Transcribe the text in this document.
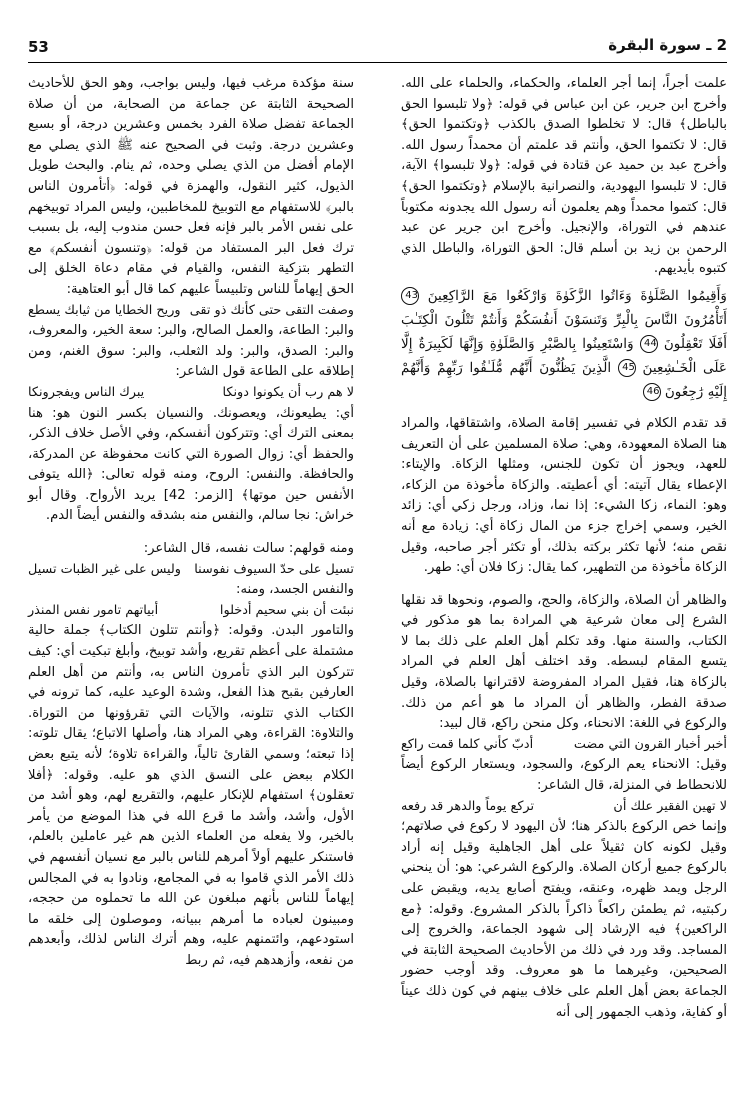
53	2 ـ سورة البقرة

علمت أجراً، إنما أجر العلماء، والحكماء، والحلماء على الله. وأخرج ابن جرير، عن ابن عباس في قوله: ﴿ولا تلبسوا الحق بالباطل﴾ قال: لا تخلطوا الصدق بالكذب ﴿وتكتموا الحق﴾ قال: لا تكتموا الحق، وأنتم قد علمتم أن محمداً رسول الله. وأخرج عبد بن حميد عن قتادة في قوله: ﴿ولا تلبسوا﴾ الآية، قال: لا تلبسوا اليهودية، والنصرانية بالإسلام ﴿وتكتموا الحق﴾ قال: كتموا محمداً وهم يعلمون أنه رسول الله يجدونه مكتوباً عندهم في التوراة، والإنجيل. وأخرج ابن جرير عن عبد الرحمن بن زيد بن أسلم قال: الحق التوراة، والباطل الذي كتبوه بأيديهم.

وَأَقِيمُوا الصَّلَوٰةَ وَءَاتُوا الزَّكَوٰةَ وَارْكَعُوا مَعَ الرَّاكِعِينَ 43 أَتَأْمُرُونَ النَّاسَ بِالْبِرِّ وَتَنسَوْنَ أَنفُسَكُمْ وَأَنتُمْ تَتْلُونَ الْكِتَـٰبَ أَفَلَا تَعْقِلُونَ 44 وَاسْتَعِينُوا بِالصَّبْرِ وَالصَّلَوٰةِ وَإِنَّهَا لَكَبِيرَةٌ إِلَّا عَلَى الْخَـٰشِعِينَ 45 الَّذِينَ يَظُنُّونَ أَنَّهُم مُّلَـٰقُوا رَبِّهِمْ وَأَنَّهُمْ إِلَيْهِ رَٰجِعُونَ 46

قد تقدم الكلام في تفسير إقامة الصلاة، واشتقاقها، والمراد هنا الصلاة المعهودة، وهي: صلاة المسلمين على أن التعريف للعهد، ويجوز أن تكون للجنس، ومثلها الزكاة. والإيتاء: الإعطاء يقال آتيته: أي أعطيته. والزكاة مأخوذة من الزكاء، وهو: النماء، زكا الشيء: إذا نما، وزاد، ورجل زكي أي: زائد الخير، وسمي إخراج جزء من المال زكاة أي: زيادة مع أنه نقص منه؛ لأنها تكثر بركته بذلك، أو تكثر أجر صاحبه، وقيل الزكاة مأخوذة من التطهير، كما يقال: زكا فلان أي: طهر.

والظاهر أن الصلاة، والزكاة، والحج، والصوم، ونحوها قد نقلها الشرع إلى معان شرعية هي المرادة بما هو مذكور في الكتاب، والسنة منها. وقد تكلم أهل العلم على ذلك بما لا يتسع المقام لبسطه. وقد اختلف أهل العلم في المراد بالزكاة هنا، فقيل المراد المفروضة لاقترانها بالصلاة، وقيل صدقة الفطر، والظاهر أن المراد ما هو أعم من ذلك. والركوع في اللغة: الانحناء، وكل منحن راكع، قال لبيد:

أخبر أخبار القرون التي مضت
أدبّ كأني كلما قمت راكع

وقيل: الانحناء يعم الركوع، والسجود، ويستعار الركوع أيضاً للانحطاط في المنزلة، قال الشاعر:

لا تهين الفقير علك أن
تركع يوماً والدهر قد رفعه

وإنما خص الركوع بالذكر هنا؛ لأن اليهود لا ركوع في صلاتهم؛ وقيل لكونه كان ثقيلاً على أهل الجاهلية وقيل إنه أراد بالركوع جميع أركان الصلاة. والركوع الشرعي: هو: أن ينحني الرجل ويمد ظهره، وعنقه، ويفتح أصابع يديه، ويقبض على ركبتيه، ثم يطمئن راكعاً ذاكراً بالذكر المشروع. وقوله: ﴿مع الراكعين﴾ فيه الإرشاد إلى شهود الجماعة، والخروج إلى المساجد. وقد ورد في ذلك من الأحاديث الصحيحة الثابتة في الصحيحين، وغيرهما ما هو معروف. وقد أوجب حضور الجماعة بعض أهل العلم على خلاف بينهم في كون ذلك عيناً أو كفاية، وذهب الجمهور إلى أنه

سنة مؤكدة مرغب فيها، وليس بواجب، وهو الحق للأحاديث الصحيحة الثابتة عن جماعة من الصحابة، من أن صلاة الجماعة تفضل صلاة الفرد بخمس وعشرين درجة، أو بسبع وعشرين درجة. وثبت في الصحيح عنه ﷺ الذي يصلي مع الإمام أفضل من الذي يصلي وحده، ثم ينام. والبحث طويل الذيول، كثير النقول، والهمزة في قوله: ﴿أتأمرون الناس بالبر﴾ للاستفهام مع التوبيخ للمخاطبين، وليس المراد توبيخهم على نفس الأمر بالبر فإنه فعل حسن مندوب إليه، بل بسبب ترك فعل البر المستفاد من قوله: ﴿وتنسون أنفسكم﴾ مع التطهر بتزكية النفس، والقيام في مقام دعاة الخلق إلى الحق إيهاماً للناس وتلبيساً عليهم كما قال أبو العتاهية:

وصفت التقى حتى كأنك ذو تقى
وريح الخطايا من ثيابك يسطع

والبر: الطاعة، والعمل الصالح، والبر: سعة الخير، والمعروف، والبر: الصدق، والبر: ولد الثعلب، والبر: سوق الغنم، ومن إطلاقه على الطاعة قول الشاعر:

لا هم رب أن يكونوا دونكا
يبرك الناس ويفجرونكا

أي: يطيعونك، ويعصونك. والنسيان بكسر النون هو: هنا بمعنى الترك أي: وتتركون أنفسكم، وفي الأصل خلاف الذكر، والحفظ أي: زوال الصورة التي كانت محفوظة عن المدركة، والحافظة. والنفس: الروح، ومنه قوله تعالى: ﴿الله يتوفى الأنفس حين موتها﴾ [الزمر: 42] يريد الأرواح. وقال أبو خراش: نجا سالم، والنفس منه بشدقه والنفس أيضاً الدم.

ومنه قولهم: سالت نفسه، قال الشاعر:

تسيل على حدّ السيوف نفوسنا
وليس على غير الظبات تسيل

والنفس الجسد، ومنه:

نبئت أن بني سحيم أدخلوا
أبياتهم تامور نفس المنذر

والتامور البدن. وقوله: ﴿وأنتم تتلون الكتاب﴾ جملة حالية مشتملة على أعظم تقريع، وأشد توبيخ، وأبلغ تبكيت أي: كيف تتركون البر الذي تأمرون الناس به، وأنتم من أهل العلم العارفين بقبح هذا الفعل، وشدة الوعيد عليه، كما ترونه في الكتاب الذي تتلونه، والآيات التي تقرؤونها من التوراة. والتلاوة: القراءة، وهي المراد هنا، وأصلها الاتباع؛ يقال تلوته: إذا تبعته؛ وسمي القارئ تالياً، والقراءة تلاوة؛ لأنه يتبع بعض الكلام ببعض على النسق الذي هو عليه. وقوله: ﴿أفلا تعقلون﴾ استفهام للإنكار عليهم، والتقريع لهم، وهو أشد من الأول، وأشد، وأشد ما قرع الله في هذا الموضع من يأمر بالخير، ولا يفعله من العلماء الذين هم غير عاملين بالعلم، فاستنكر عليهم أولاً أمرهم للناس بالبر مع نسيان أنفسهم في ذلك الأمر الذي قاموا به في المجامع، ونادوا به في المجالس إيهاماً للناس بأنهم مبلغون عن الله ما تحملوه من حججه، ومبينون لعباده ما أمرهم ببيانه، وموصلون إلى خلقه ما استودعهم، وائتمنهم عليه، وهم أترك الناس لذلك، وأبعدهم من نفعه، وأزهدهم فيه، ثم ربط
